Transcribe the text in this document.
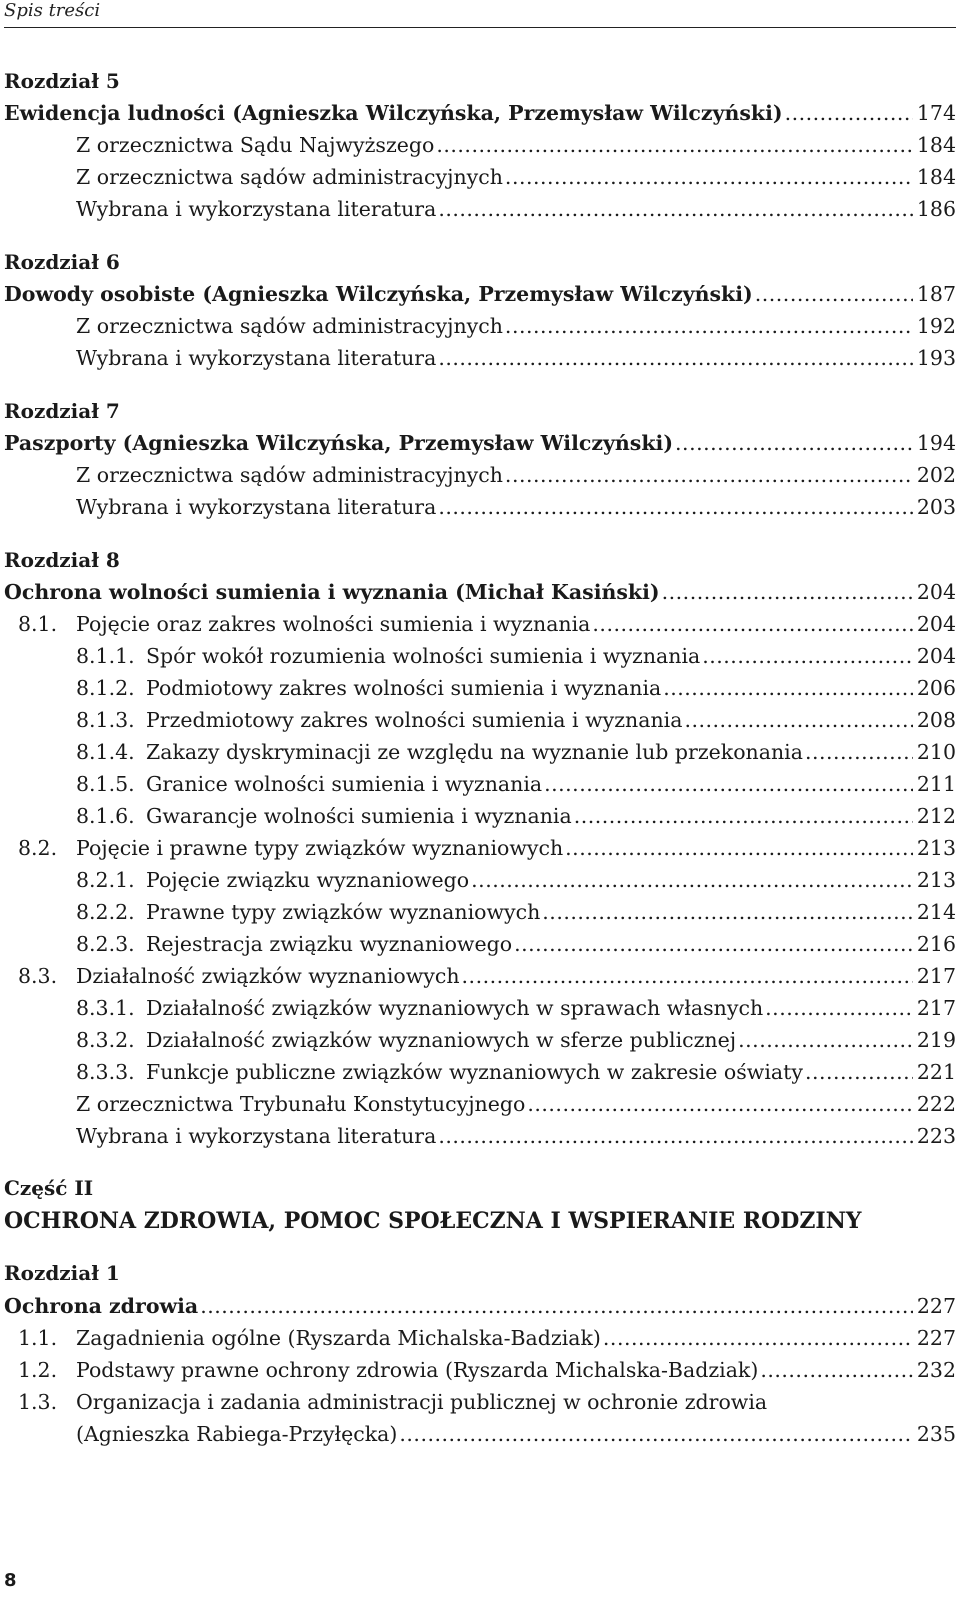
Spis treści
Rozdział 5
Rozdział 6
Rozdział 7
Rozdział 8
Ewidencja ludności (Agnieszka Wilczyńska, Przemysław Wilczyński) .....	174
Z orzecznictwa Sądu Najwyższego .....	184
Z orzecznictwa sądów administracyjnych .....	184
Wybrana i wykorzystana literatura .....	186
Dowody osobiste (Agnieszka Wilczyńska, Przemysław Wilczyński) .....	187
Z orzecznictwa sądów administracyjnych .....	192
Wybrana i wykorzystana literatura .....	193
Paszporty (Agnieszka Wilczyńska, Przemysław Wilczyński) .....	194
Z orzecznictwa sądów administracyjnych .....	202
Wybrana i wykorzystana literatura .....	203
Ochrona wolności sumienia i wyznania (Michał Kasiński) .....	204
8.1. Pojęcie oraz zakres wolności sumienia i wyznania .....	204
8.1.1. Spór wokół rozumienia wolności sumienia i wyznania .....	204
8.1.2. Podmiotowy zakres wolności sumienia i wyznania .....	206
8.1.3. Przedmiotowy zakres wolności sumienia i wyznania .....	208
8.1.4. Zakazy dyskryminacji ze względu na wyznanie lub przekonania .....	210
8.1.5. Granice wolności sumienia i wyznania .....	211
8.1.6. Gwarancje wolności sumienia i wyznania .....	212
8.2. Pojęcie i prawne typy związków wyznaniowych .....	213
8.2.1. Pojęcie związku wyznaniowego .....	213
8.2.2. Prawne typy związków wyznaniowych .....	214
8.2.3. Rejestracja związku wyznaniowego .....	216
8.3. Działalność związków wyznaniowych .....	217
8.3.1. Działalność związków wyznaniowych w sprawach własnych .....	217
8.3.2. Działalność związków wyznaniowych w sferze publicznej .....	219
8.3.3. Funkcje publiczne związków wyznaniowych w zakresie oświaty .....	221
Z orzecznictwa Trybunału Konstytucyjnego .....	222
Wybrana i wykorzystana literatura .....	223
Część II
OCHRONA ZDROWIA, POMOC SPOŁECZNA I WSPIERANIE RODZINY
Rozdział 1
Ochrona zdrowia .....	227
1.1. Zagadnienia ogólne (Ryszarda Michalska-Badziak) .....	227
1.2. Podstawy prawne ochrony zdrowia (Ryszarda Michalska-Badziak) .....	232
1.3. Organizacja i zadania administracji publicznej w ochronie zdrowia
(Agnieszka Rabiega-Przyłęcka) .....	235
8
